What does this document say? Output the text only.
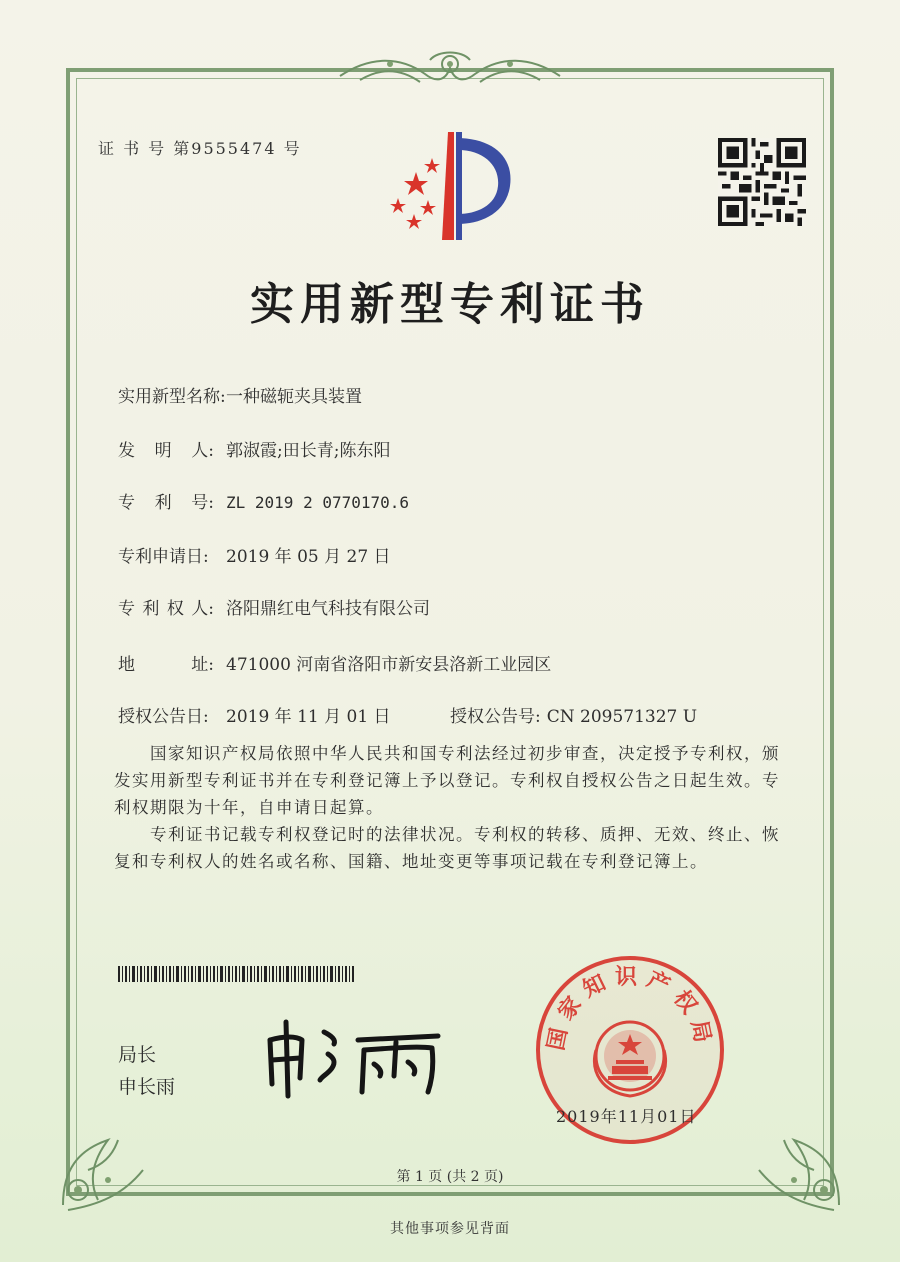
证 书 号 第9555474 号
实用新型专利证书
实用新型名称:一种磁轭夹具装置
发 明 人: 郭淑霞;田长青;陈东阳
专 利 号: ZL 2019 2 0770170.6
专利申请日: 2019 年 05 月 27 日
专 利 权 人: 洛阳鼎红电气科技有限公司
地	址: 471000 河南省洛阳市新安县洛新工业园区
授权公告日: 2019 年 11 月 01 日	授权公告号: CN 209571327 U
国家知识产权局依照中华人民共和国专利法经过初步审查，决定授予专利权，颁发实用新型专利证书并在专利登记簿上予以登记。专利权自授权公告之日起生效。专利权期限为十年，自申请日起算。
专利证书记载专利权登记时的法律状况。专利权的转移、质押、无效、终止、恢复和专利权人的姓名或名称、国籍、地址变更等事项记载在专利登记簿上。
局长
申长雨
国家知识产权局
2019年11月01日
第 1 页 (共 2 页)
其他事项参见背面
